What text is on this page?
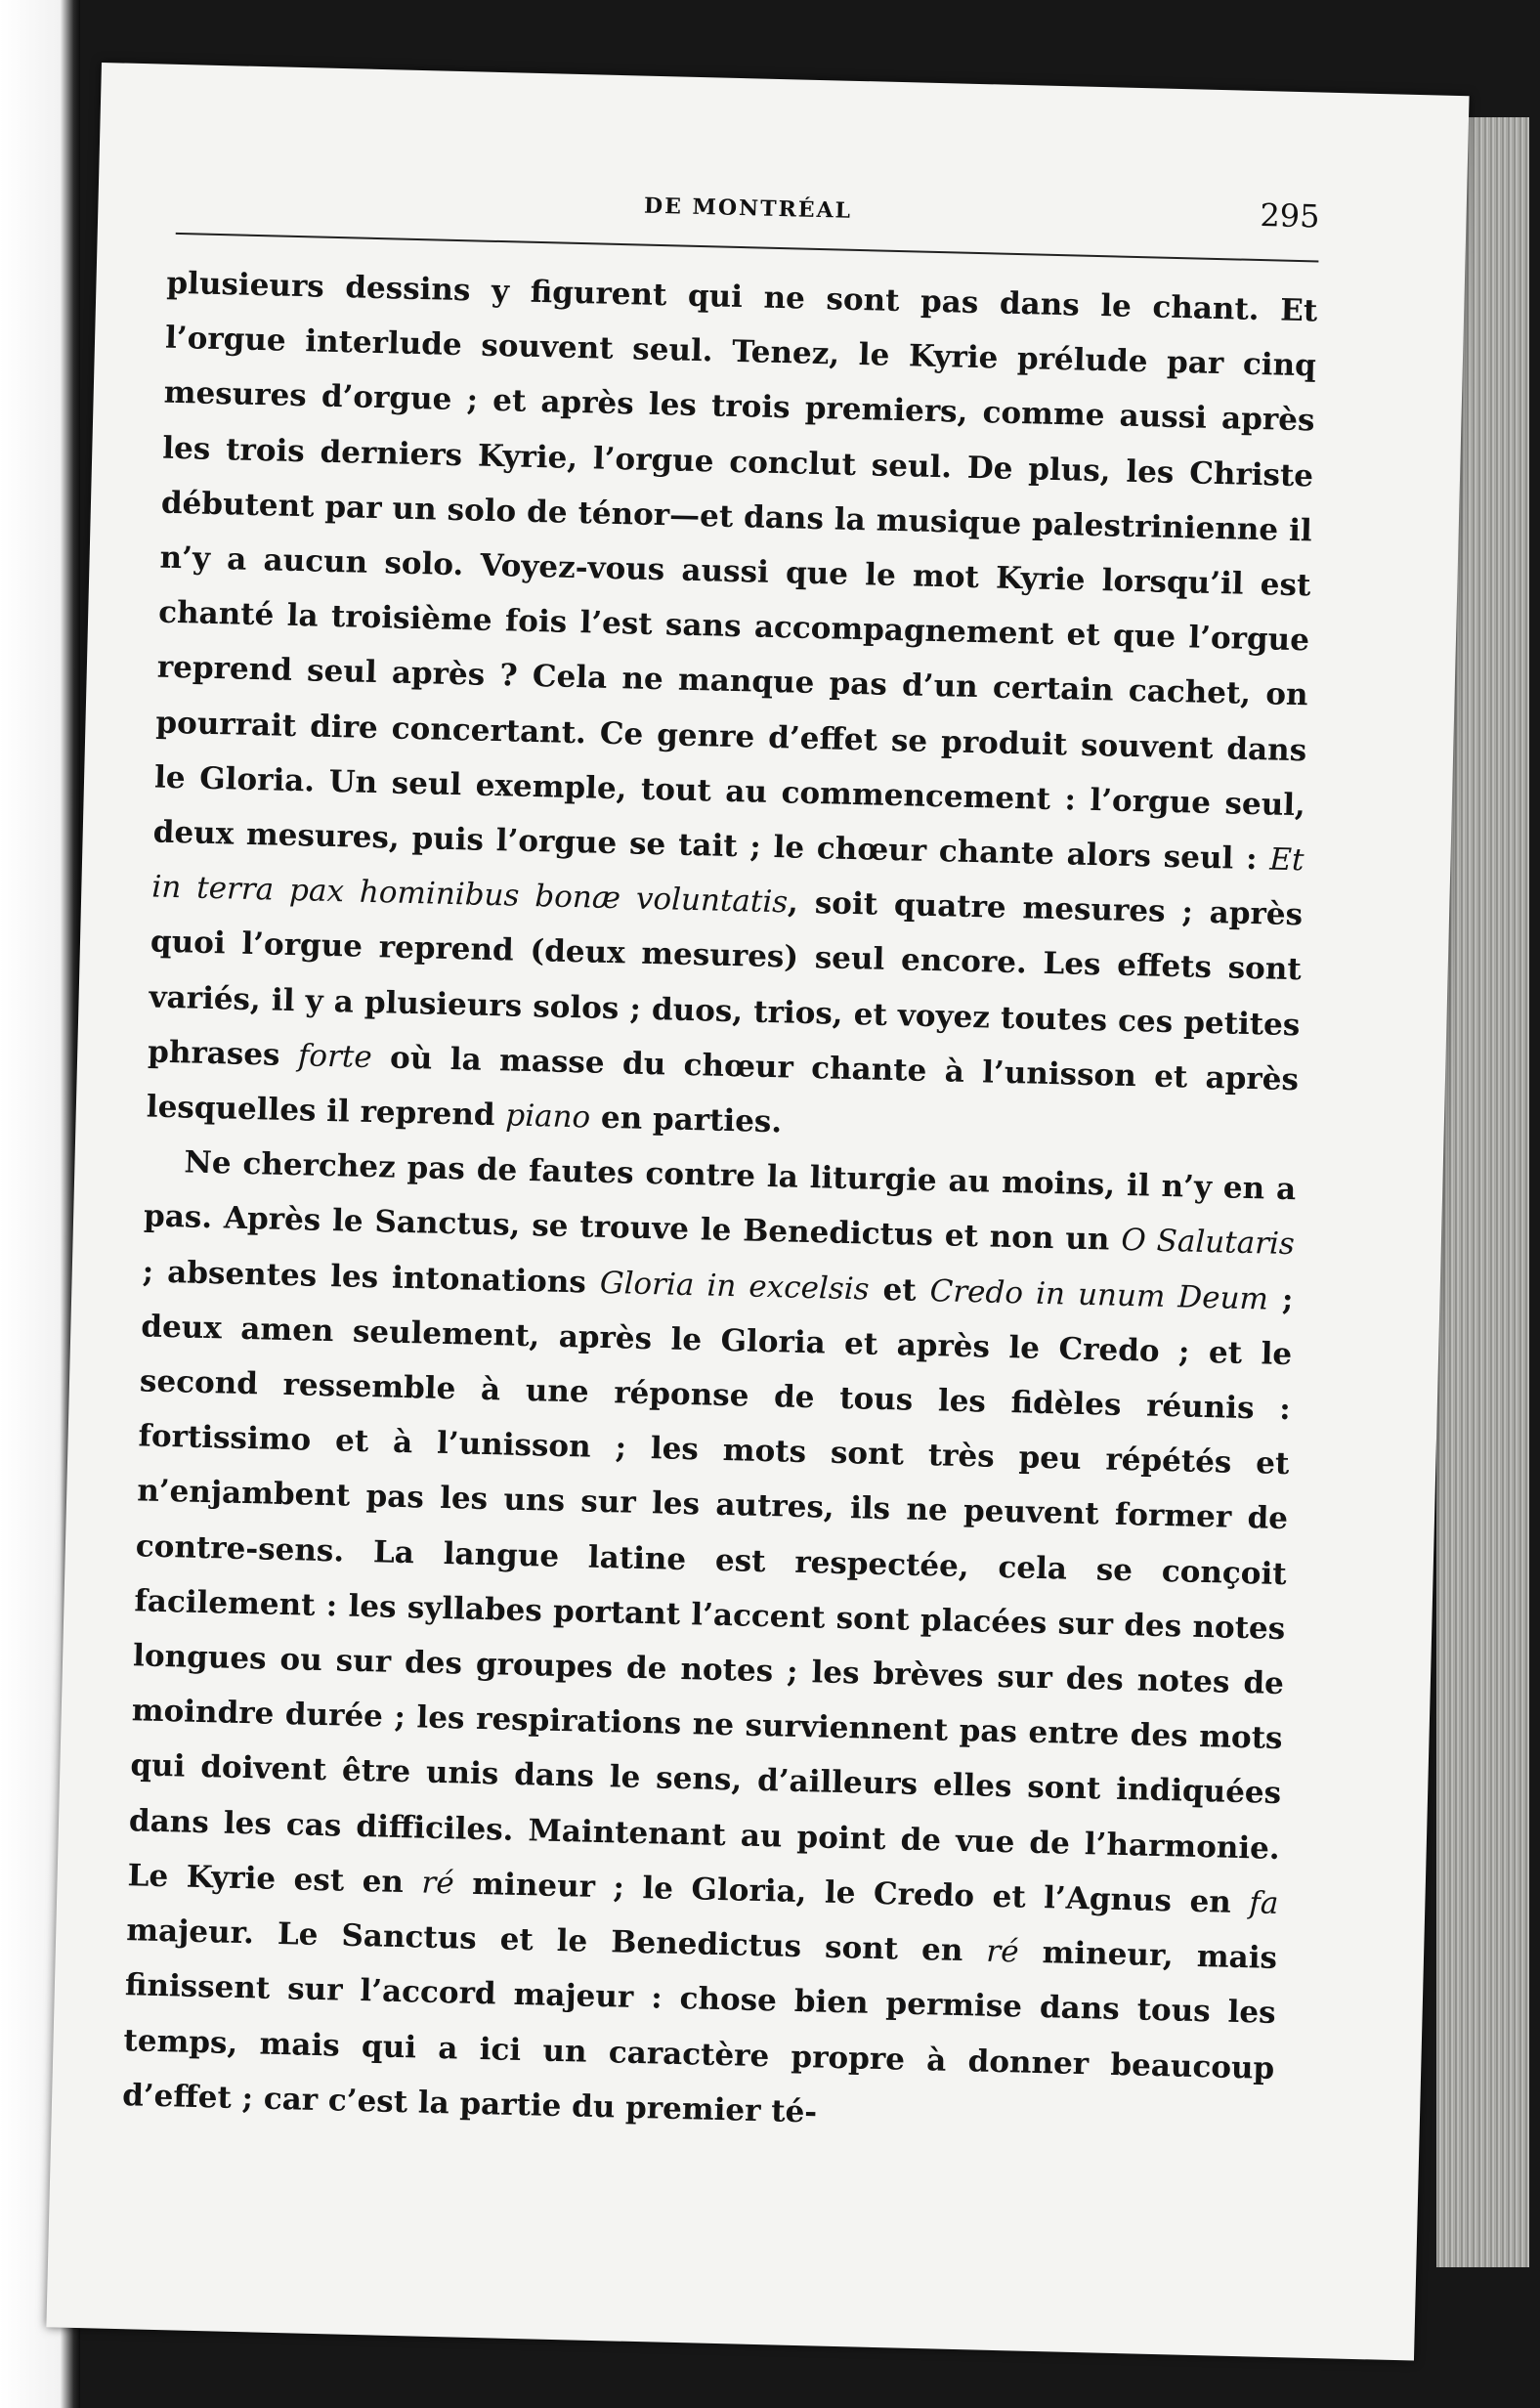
DE MONTRÉAL	295

plusieurs dessins y figurent qui ne sont pas dans le chant. Et l’orgue interlude souvent seul. Tenez, le Kyrie prélude par cinq mesures d’orgue ; et après les trois premiers, comme aussi après les trois derniers Kyrie, l’orgue conclut seul. De plus, les Christe débutent par un solo de ténor—et dans la musique palestrinienne il n’y a aucun solo. Voyez-vous aussi que le mot Kyrie lorsqu’il est chanté la troisième fois l’est sans accompagnement et que l’orgue reprend seul après ? Cela ne manque pas d’un certain cachet, on pourrait dire concertant. Ce genre d’effet se produit souvent dans le Gloria. Un seul exemple, tout au commencement : l’orgue seul, deux mesures, puis l’orgue se tait ; le chœur chante alors seul : Et in terra pax hominibus bonæ voluntatis, soit quatre mesures ; après quoi l’orgue reprend (deux mesures) seul encore. Les effets sont variés, il y a plusieurs solos ; duos, trios, et voyez toutes ces petites phrases forte où la masse du chœur chante à l’unisson et après lesquelles il reprend piano en parties.

Ne cherchez pas de fautes contre la liturgie au moins, il n’y en a pas. Après le Sanctus, se trouve le Benedictus et non un O Salutaris ; absentes les intonations Gloria in excelsis et Credo in unum Deum ; deux amen seulement, après le Gloria et après le Credo ; et le second ressemble à une réponse de tous les fidèles réunis : fortissimo et à l’unisson ; les mots sont très peu répétés et n’enjambent pas les uns sur les autres, ils ne peuvent former de contre-sens. La langue latine est respectée, cela se conçoit facilement : les syllabes portant l’accent sont placées sur des notes longues ou sur des groupes de notes ; les brèves sur des notes de moindre durée ; les respirations ne surviennent pas entre des mots qui doivent être unis dans le sens, d’ailleurs elles sont indiquées dans les cas difficiles. Maintenant au point de vue de l’harmonie. Le Kyrie est en ré mineur ; le Gloria, le Credo et l’Agnus en fa majeur. Le Sanctus et le Benedictus sont en ré mineur, mais finissent sur l’accord majeur : chose bien permise dans tous les temps, mais qui a ici un caractère propre à donner beaucoup d’effet ; car c’est la partie du premier té-
